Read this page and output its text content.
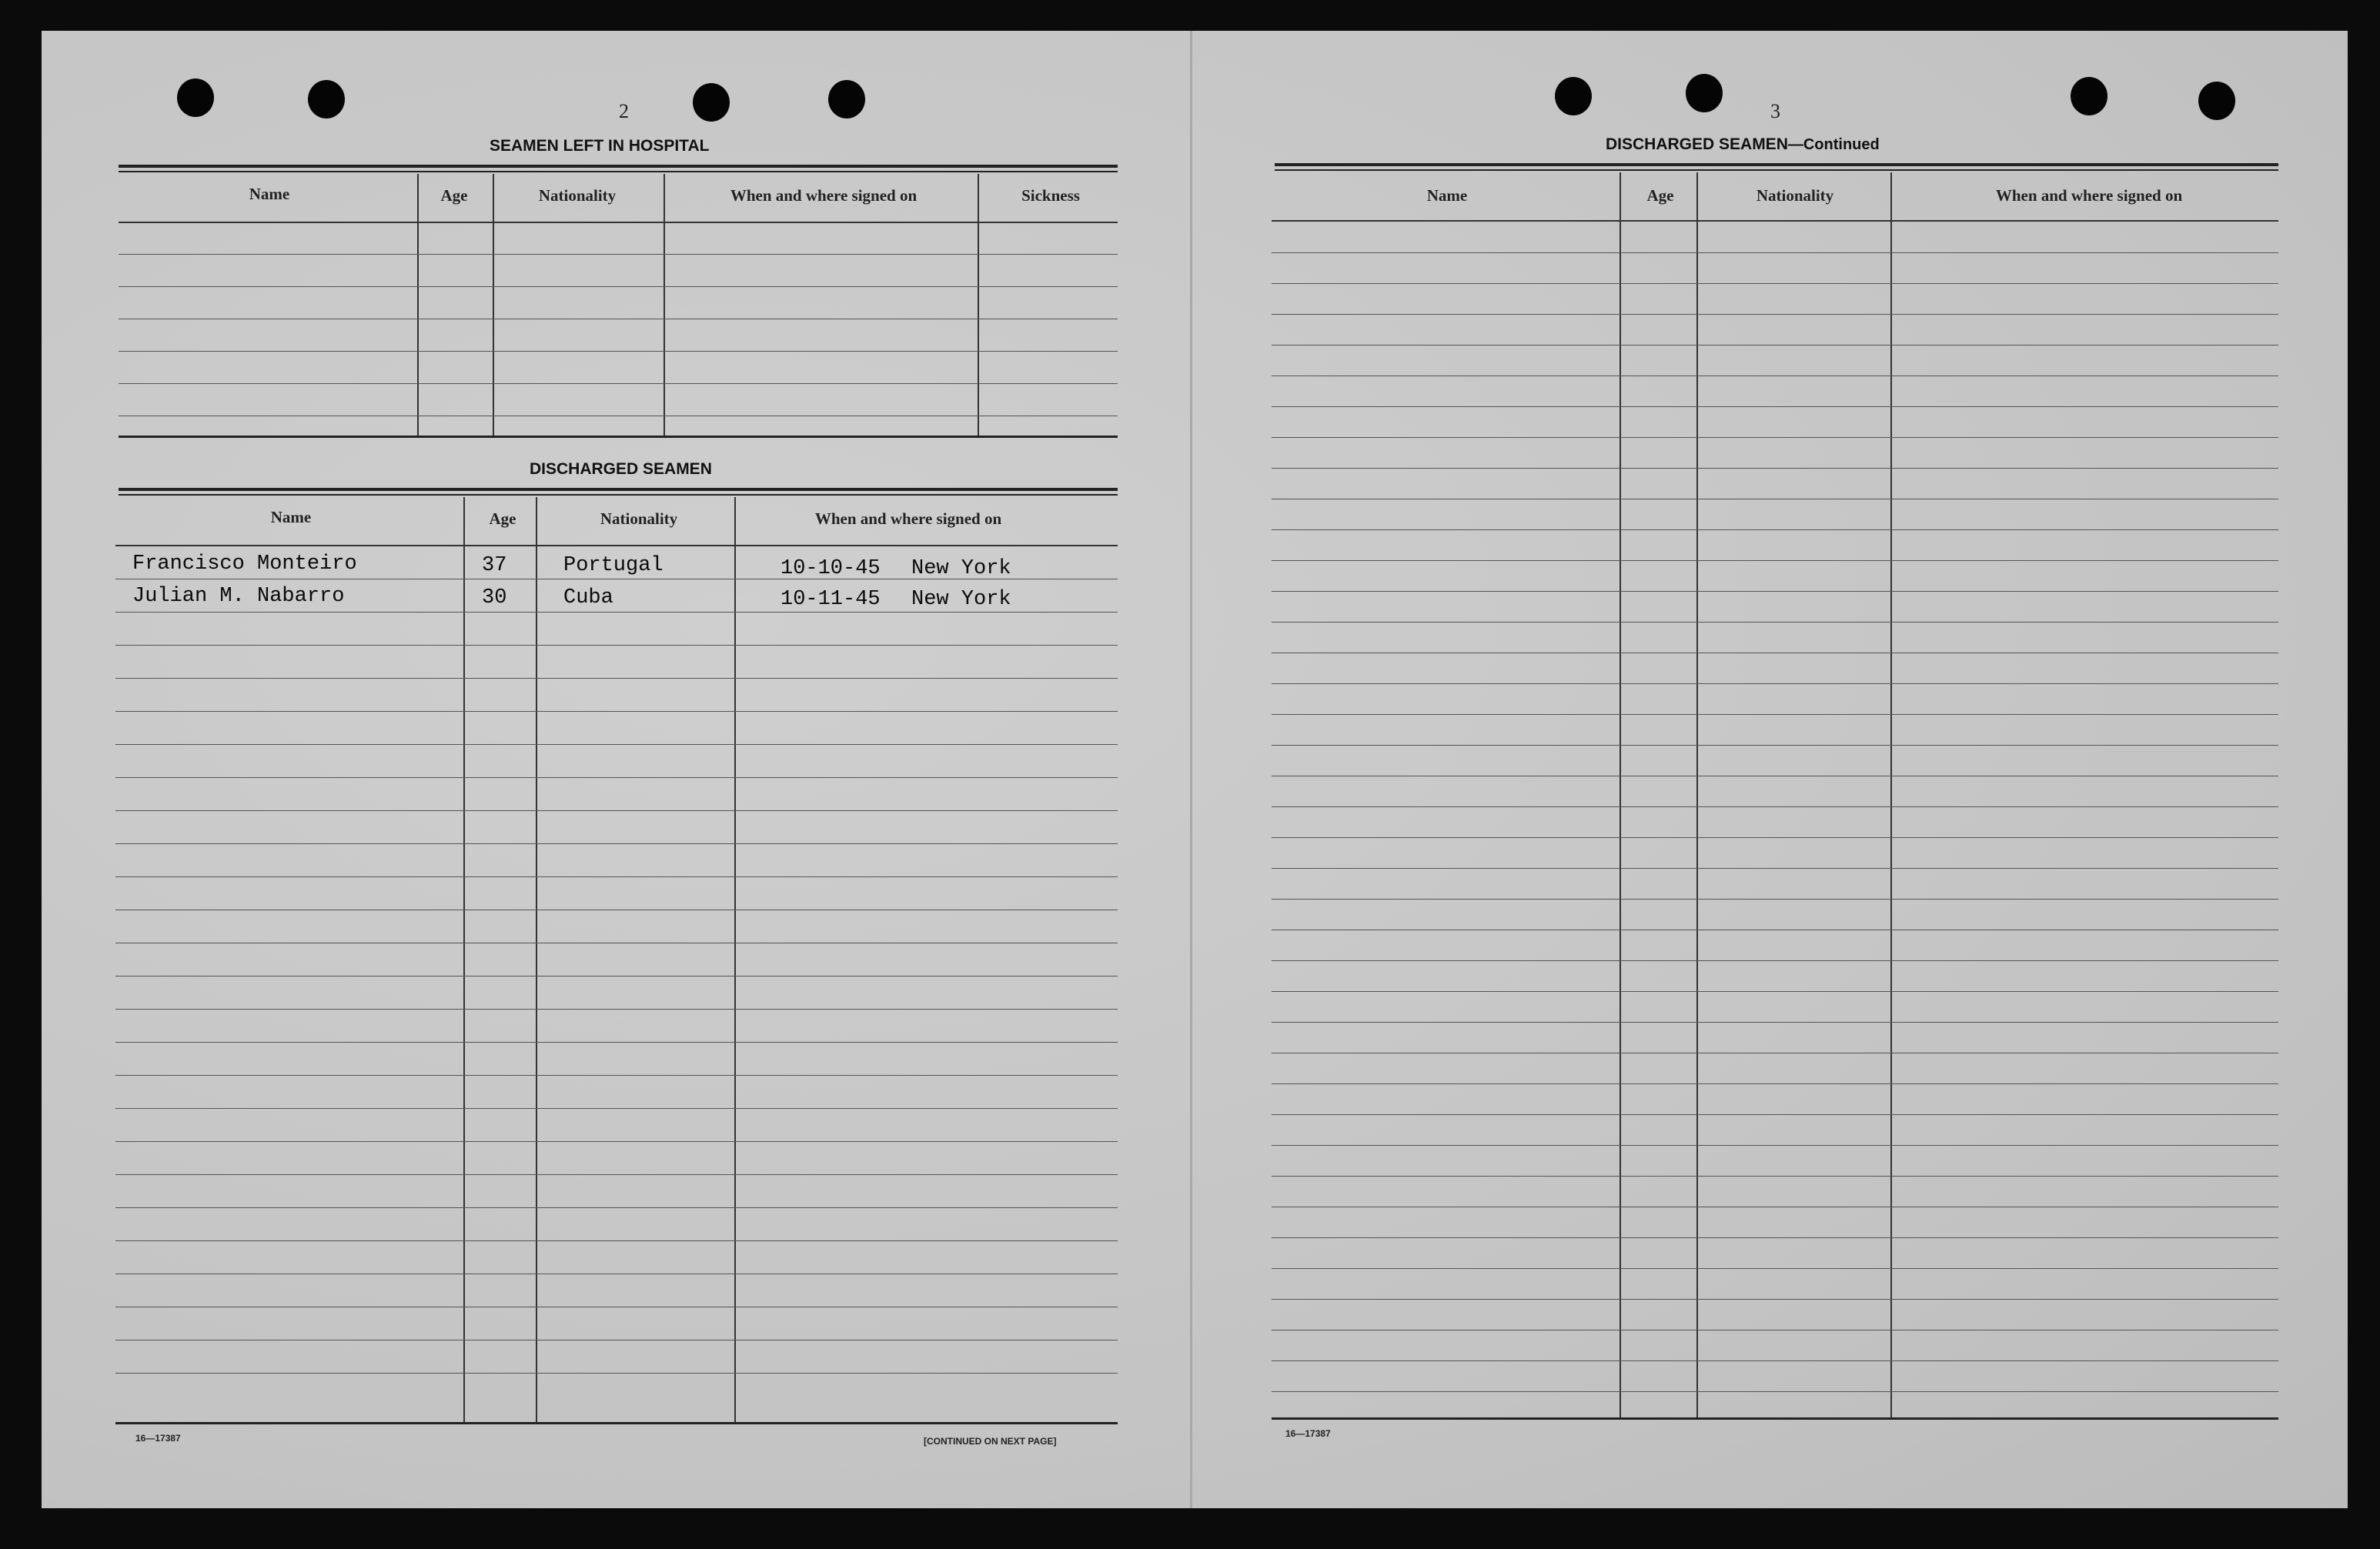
2
SEAMEN LEFT IN HOSPITAL
Name	Age	Nationality	When and where signed on	Sickness
DISCHARGED SEAMEN
Name	Age	Nationality	When and where signed on
Francisco Monteiro	37	Portugal	10-10-45 New York
Julian M. Nabarro	30	Cuba	10-11-45 New York
16—17387	[CONTINUED ON NEXT PAGE]
3
DISCHARGED SEAMEN—Continued
Name	Age	Nationality	When and where signed on
16—17387
